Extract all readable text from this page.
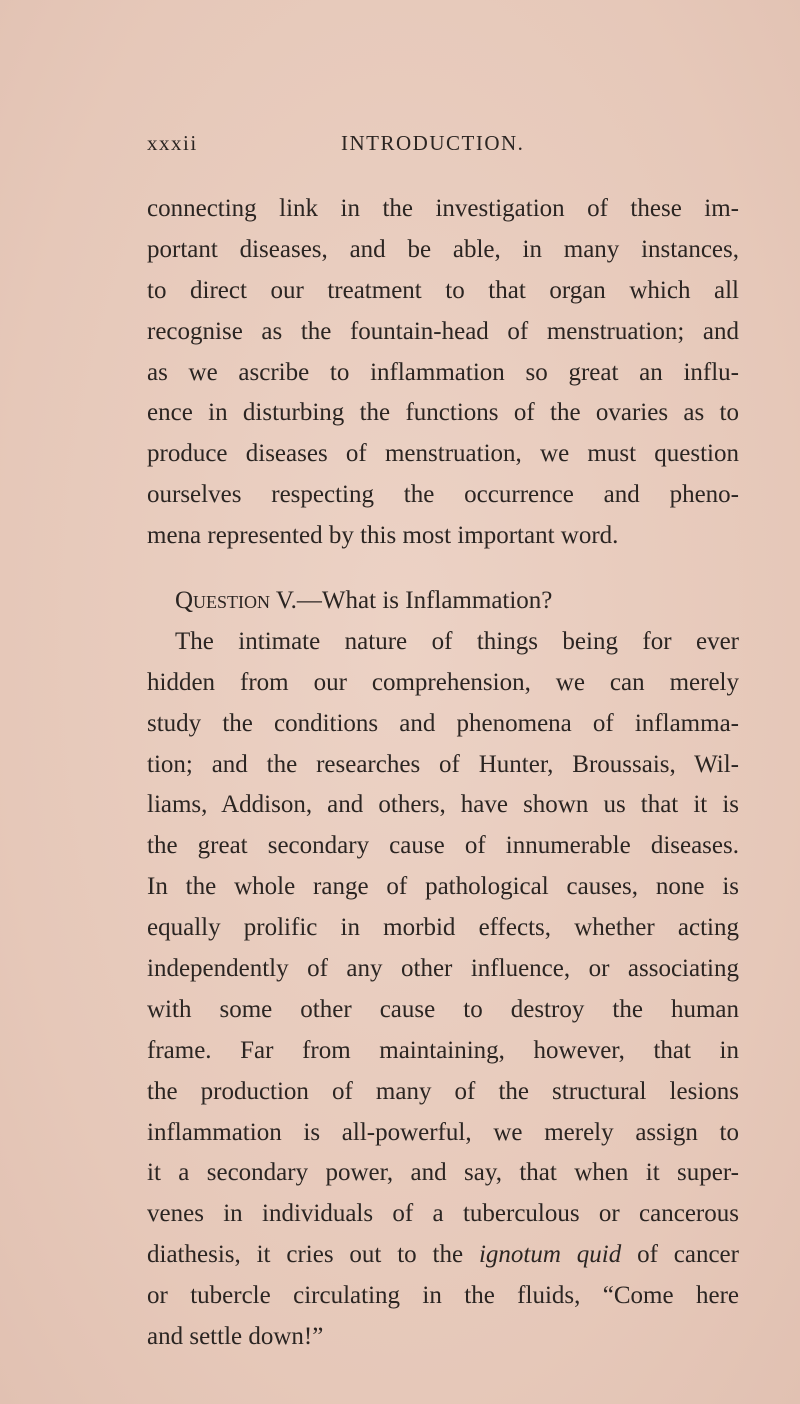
xxxii	INTRODUCTION.
connecting link in the investigation of these im-
portant diseases, and be able, in many instances,
to direct our treatment to that organ which all
recognise as the fountain-head of menstruation; and
as we ascribe to inflammation so great an influ-
ence in disturbing the functions of the ovaries as to
produce diseases of menstruation, we must question
ourselves respecting the occurrence and pheno-
mena represented by this most important word.
Question V.—What is Inflammation?
The intimate nature of things being for ever
hidden from our comprehension, we can merely
study the conditions and phenomena of inflamma-
tion; and the researches of Hunter, Broussais, Wil-
liams, Addison, and others, have shown us that it is
the great secondary cause of innumerable diseases.
In the whole range of pathological causes, none is
equally prolific in morbid effects, whether acting
independently of any other influence, or associating
with some other cause to destroy the human
frame. Far from maintaining, however, that in
the production of many of the structural lesions
inflammation is all-powerful, we merely assign to
it a secondary power, and say, that when it super-
venes in individuals of a tuberculous or cancerous
diathesis, it cries out to the ignotum quid of cancer
or tubercle circulating in the fluids, “Come here
and settle down!”
